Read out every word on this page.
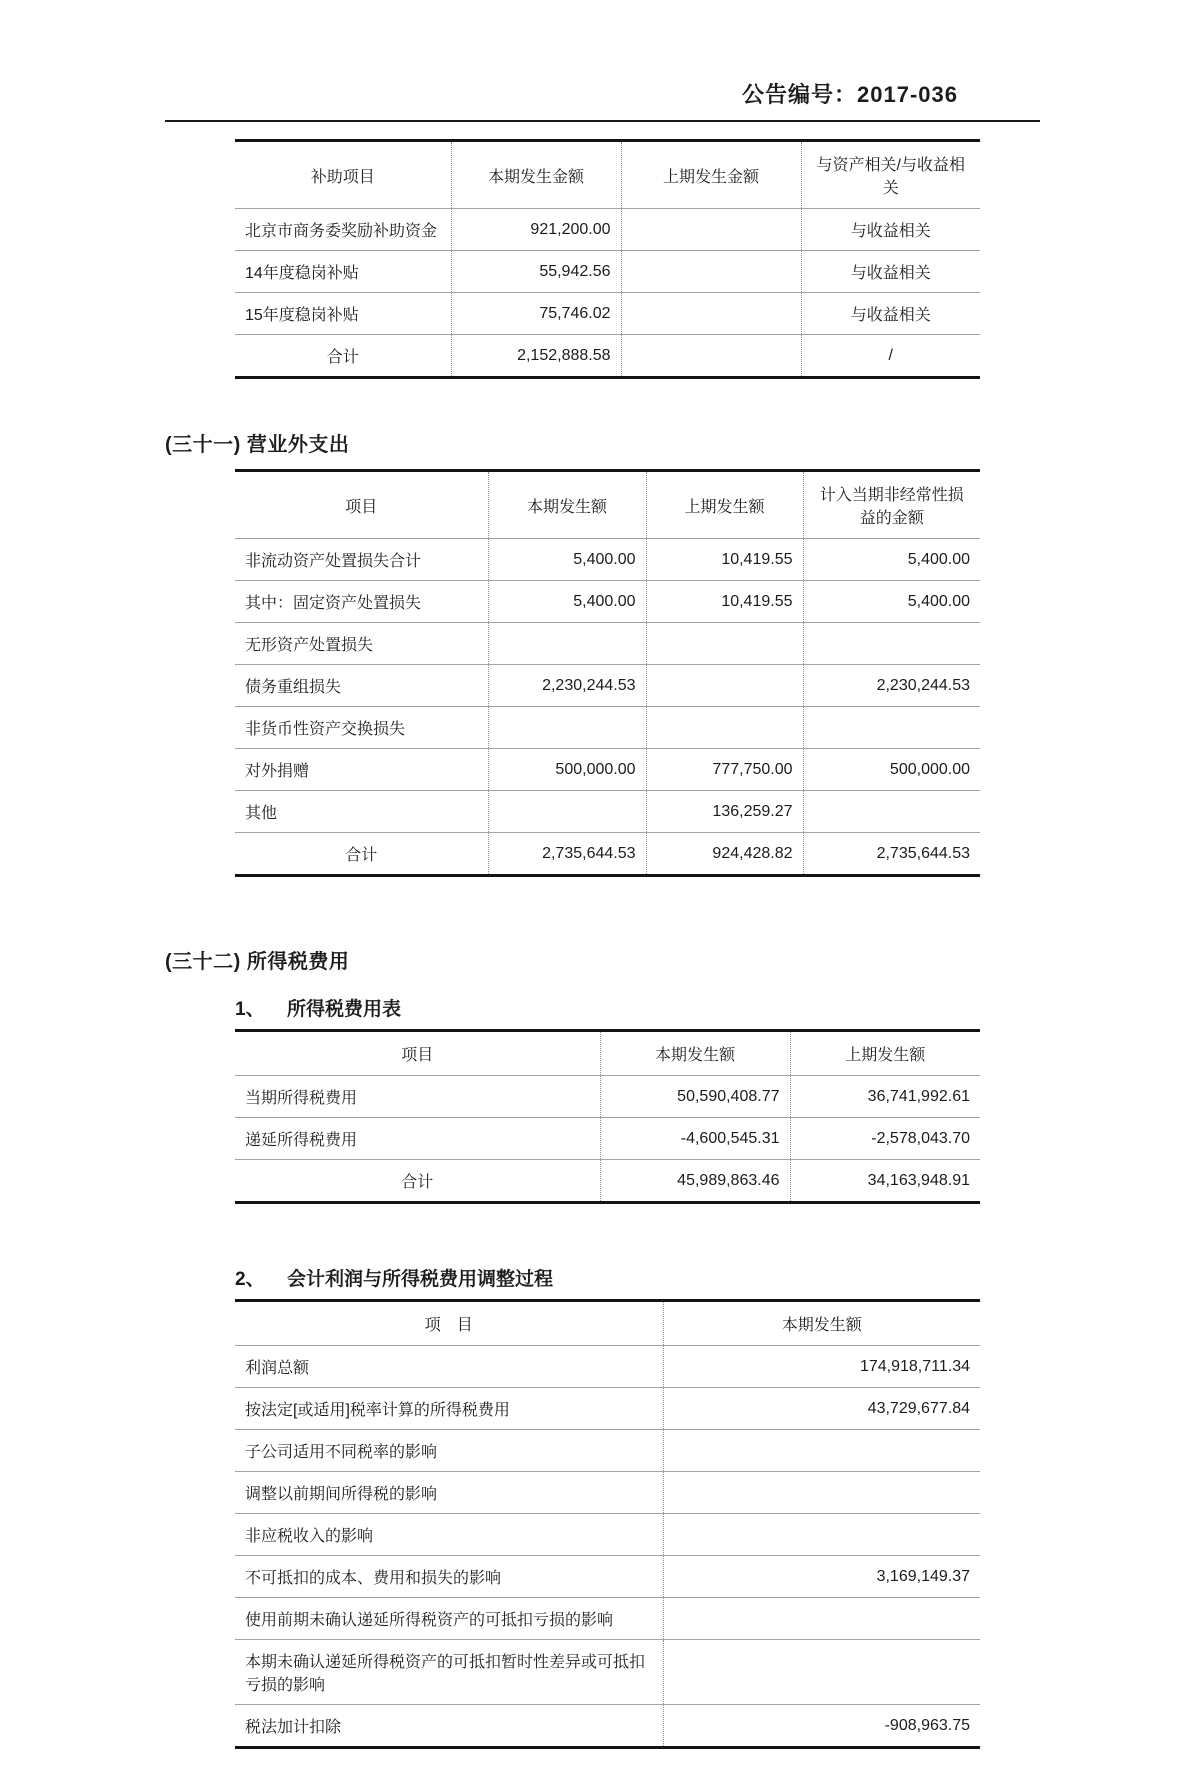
公告编号：2017-036
补助项目	本期发生金额	上期发生金额	与资产相关/与收益相关
北京市商务委奖励补助资金	921,200.00		与收益相关
14年度稳岗补贴	55,942.56		与收益相关
15年度稳岗补贴	75,746.02		与收益相关
合计	2,152,888.58		/
(三十一) 营业外支出
项目	本期发生额	上期发生额	计入当期非经常性损益的金额
非流动资产处置损失合计	5,400.00	10,419.55	5,400.00
其中：固定资产处置损失	5,400.00	10,419.55	5,400.00
无形资产处置损失			
债务重组损失	2,230,244.53		2,230,244.53
非货币性资产交换损失			
对外捐赠	500,000.00	777,750.00	500,000.00
其他		136,259.27	
合计	2,735,644.53	924,428.82	2,735,644.53
(三十二) 所得税费用
1、	所得税费用表
项目	本期发生额	上期发生额
当期所得税费用	50,590,408.77	36,741,992.61
递延所得税费用	-4,600,545.31	-2,578,043.70
合计	45,989,863.46	34,163,948.91
2、	会计利润与所得税费用调整过程
项　目	本期发生额
利润总额	174,918,711.34
按法定[或适用]税率计算的所得税费用	43,729,677.84
子公司适用不同税率的影响	
调整以前期间所得税的影响	
非应税收入的影响	
不可抵扣的成本、费用和损失的影响	3,169,149.37
使用前期未确认递延所得税资产的可抵扣亏损的影响	
本期未确认递延所得税资产的可抵扣暂时性差异或可抵扣亏损的影响	
税法加计扣除	-908,963.75
